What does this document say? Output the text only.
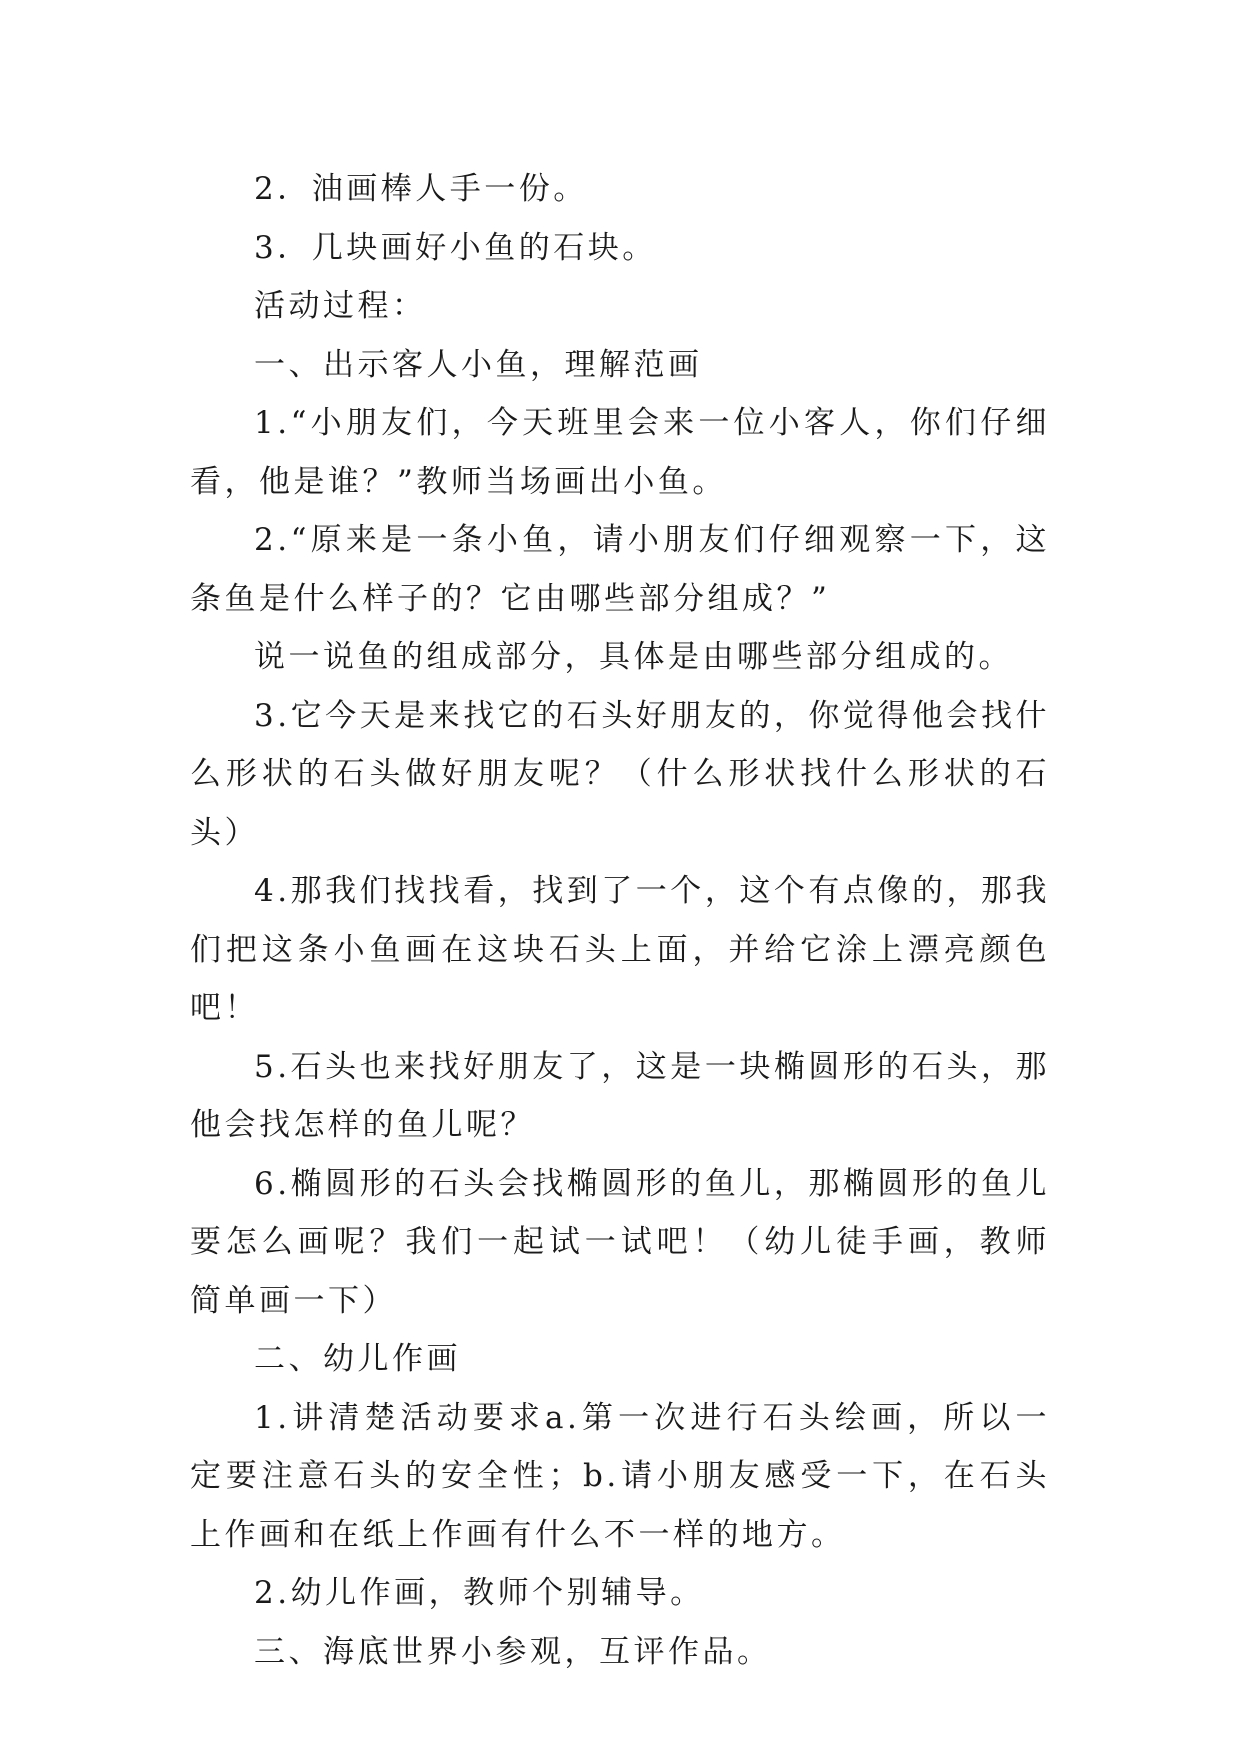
2．油画棒人手一份。

3．几块画好小鱼的石块。

活动过程：

一、出示客人小鱼，理解范画

1.“小朋友们，今天班里会来一位小客人，你们仔细看，他是谁？”教师当场画出小鱼。

2.“原来是一条小鱼，请小朋友们仔细观察一下，这条鱼是什么样子的？它由哪些部分组成？”

说一说鱼的组成部分，具体是由哪些部分组成的。

3.它今天是来找它的石头好朋友的，你觉得他会找什么形状的石头做好朋友呢？（什么形状找什么形状的石头）

4.那我们找找看，找到了一个，这个有点像的，那我们把这条小鱼画在这块石头上面，并给它涂上漂亮颜色吧！

5.石头也来找好朋友了，这是一块椭圆形的石头，那他会找怎样的鱼儿呢？

6.椭圆形的石头会找椭圆形的鱼儿，那椭圆形的鱼儿要怎么画呢？我们一起试一试吧！（幼儿徒手画，教师简单画一下）

二、幼儿作画

1.讲清楚活动要求a.第一次进行石头绘画，所以一定要注意石头的安全性；b.请小朋友感受一下，在石头上作画和在纸上作画有什么不一样的地方。

2.幼儿作画，教师个别辅导。

三、海底世界小参观，互评作品。
